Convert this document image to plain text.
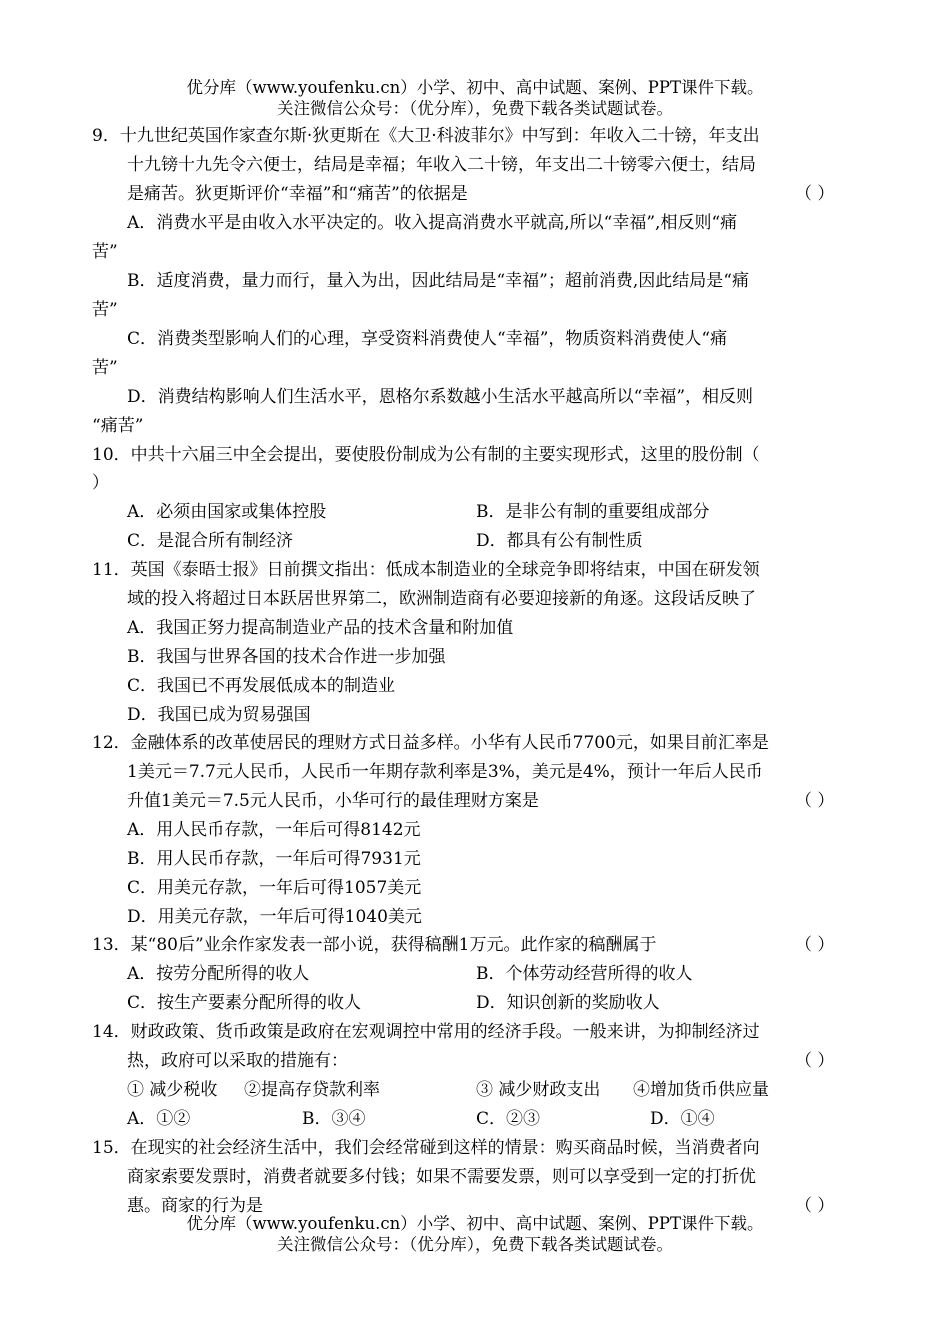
优分库（www.youfenku.cn）小学、初中、高中试题、案例、PPT课件下载。
关注微信公众号：（优分库），免费下载各类试题试卷。
9．十九世纪英国作家查尔斯·狄更斯在《大卫·科波菲尔》中写到：年收入二十镑，年支出
十九镑十九先令六便士，结局是幸福；年收入二十镑，年支出二十镑零六便士，结局
是痛苦。狄更斯评价“幸福”和“痛苦”的依据是	（ ）
A．消费水平是由收入水平决定的。收入提高消费水平就高,所以“幸福”,相反则“痛
苦”
B．适度消费，量力而行，量入为出，因此结局是“幸福”；超前消费,因此结局是“痛
苦”
C．消费类型影响人们的心理，享受资料消费使人“幸福”，物质资料消费使人“痛
苦”
D．消费结构影响人们生活水平，恩格尔系数越小生活水平越高所以“幸福”，相反则
“痛苦”
10．中共十六届三中全会提出，要使股份制成为公有制的主要实现形式，这里的股份制（
）
A．必须由国家或集体控股	B．是非公有制的重要组成部分
C．是混合所有制经济	D．都具有公有制性质
11．英国《泰晤士报》日前撰文指出：低成本制造业的全球竞争即将结束，中国在研发领
域的投入将超过日本跃居世界第二，欧洲制造商有必要迎接新的角逐。这段话反映了
A．我国正努力提高制造业产品的技术含量和附加值
B．我国与世界各国的技术合作进一步加强
C．我国已不再发展低成本的制造业
D．我国已成为贸易强国
12．金融体系的改革使居民的理财方式日益多样。小华有人民币7700元，如果目前汇率是
1美元＝7.7元人民币，人民币一年期存款利率是3%，美元是4%，预计一年后人民币
升值1美元＝7.5元人民币，小华可行的最佳理财方案是	（ ）
A．用人民币存款，一年后可得8142元
B．用人民币存款，一年后可得7931元
C．用美元存款，一年后可得1057美元
D．用美元存款，一年后可得1040美元
13．某“80后”业余作家发表一部小说，获得稿酬1万元。此作家的稿酬属于	（ ）
A．按劳分配所得的收人	B．个体劳动经营所得的收人
C．按生产要素分配所得的收人	D．知识创新的奖励收人
14．财政政策、货币政策是政府在宏观调控中常用的经济手段。一般来讲，为抑制经济过
热，政府可以采取的措施有：	（ ）
① 减少税收 ②提高存贷款利率	③ 减少财政支出 ④增加货币供应量
A．①②	B．③④	C．②③	D．①④
15．在现实的社会经济生活中，我们会经常碰到这样的情景：购买商品时候，当消费者向
商家索要发票时，消费者就要多付钱；如果不需要发票，则可以享受到一定的打折优
惠。商家的行为是	（ ）
优分库（www.youfenku.cn）小学、初中、高中试题、案例、PPT课件下载。
关注微信公众号：（优分库），免费下载各类试题试卷。
